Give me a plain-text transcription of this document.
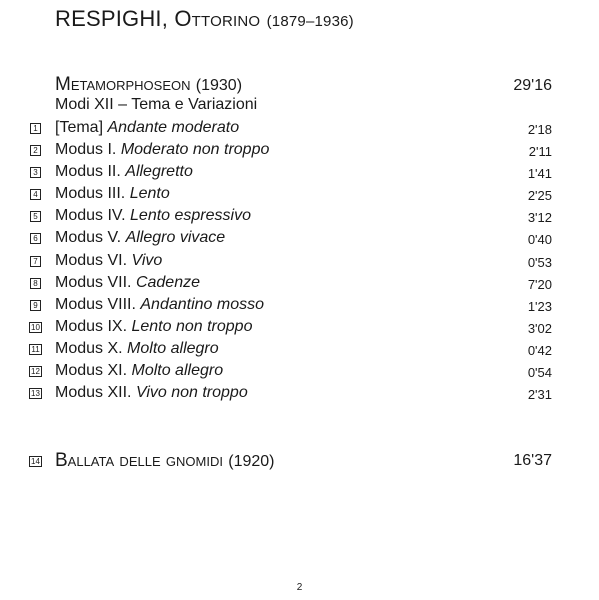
RESPIGHI, Ottorino (1879–1936)
Metamorphoseon (1930)	29'16
Modi XII – Tema e Variazioni
1 [Tema] Andante moderato	2'18
2 Modus I. Moderato non troppo	2'11
3 Modus II. Allegretto	1'41
4 Modus III. Lento	2'25
5 Modus IV. Lento espressivo	3'12
6 Modus V. Allegro vivace	0'40
7 Modus VI. Vivo	0'53
8 Modus VII. Cadenze	7'20
9 Modus VIII. Andantino mosso	1'23
10 Modus IX. Lento non troppo	3'02
11 Modus X. Molto allegro	0'42
12 Modus XI. Molto allegro	0'54
13 Modus XII. Vivo non troppo	2'31
14 Ballata delle gnomidi (1920)	16'37
2
